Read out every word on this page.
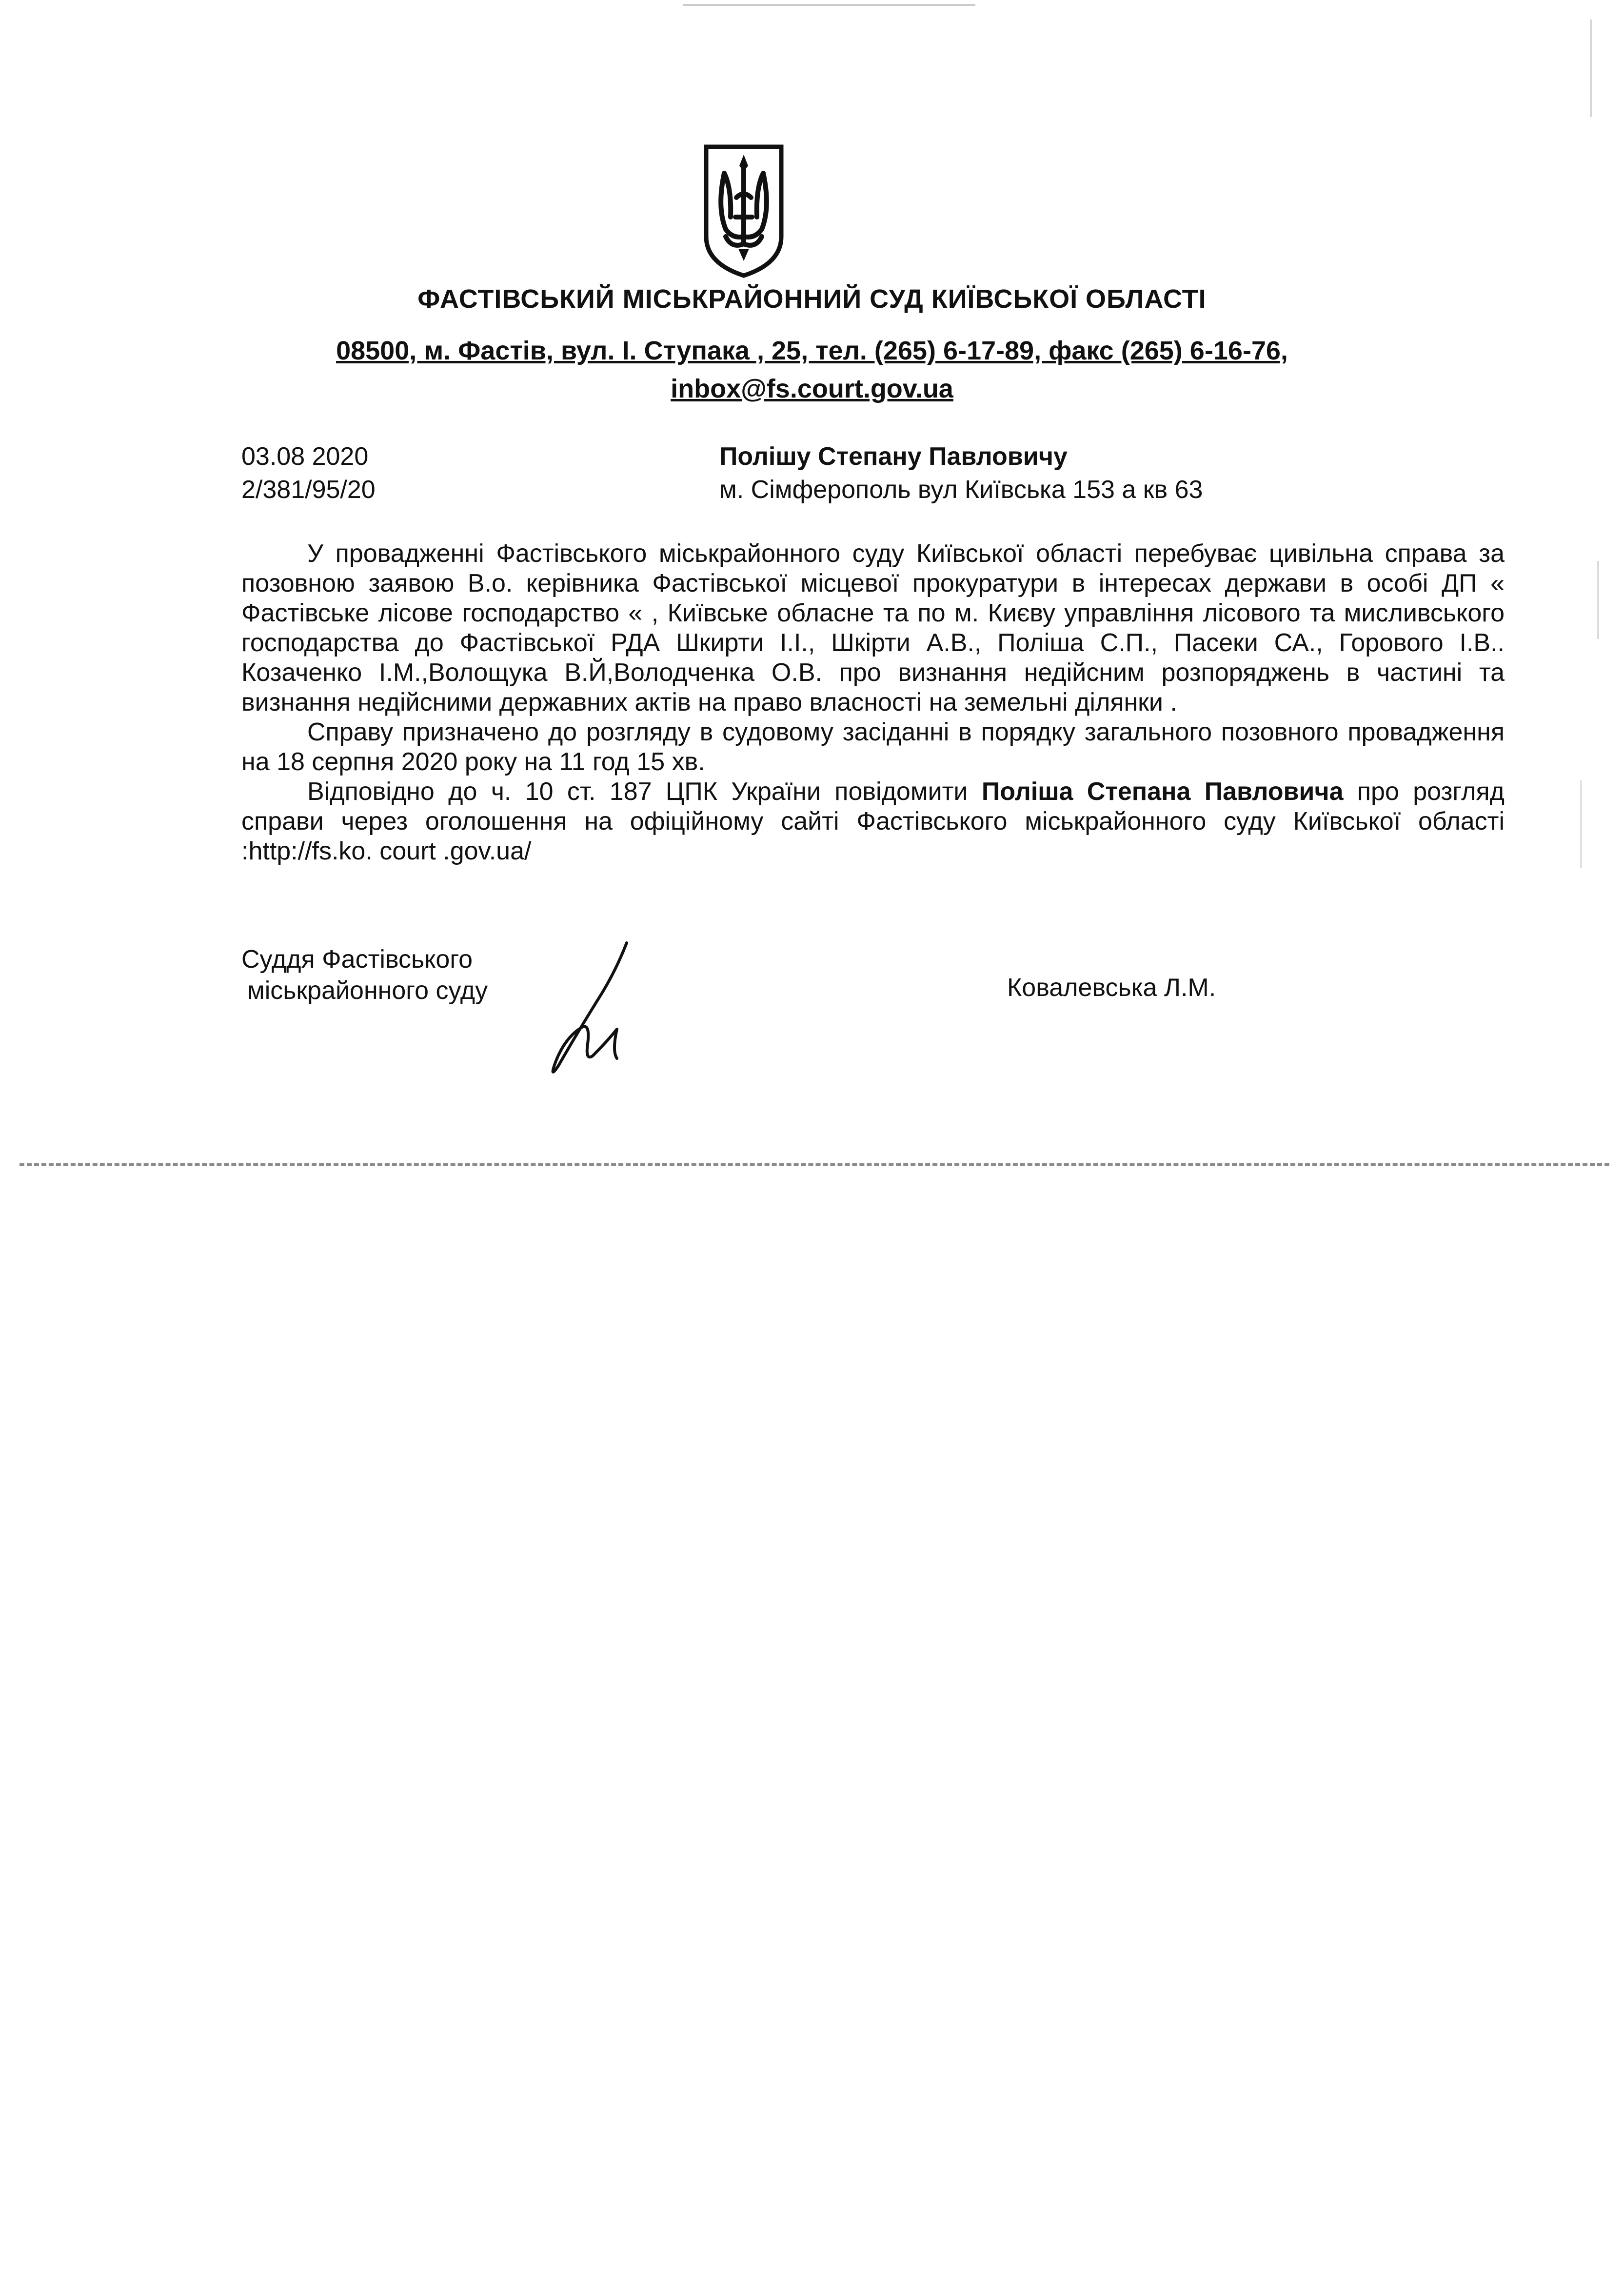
ФАСТІВСЬКИЙ МІСЬКРАЙОННИЙ СУД КИЇВСЬКОЇ ОБЛАСТІ
08500, м. Фастів, вул. І. Ступака , 25, тел. (265) 6-17-89, факс (265) 6-16-76,
inbox@fs.court.gov.ua
03.08 2020
2/381/95/20
Полішу Степану Павловичу
м. Сімферополь вул Київська 153 а кв 63

У провадженні Фастівського міськрайонного суду Київської області перебуває цивільна справа за позовною заявою В.о. керівника Фастівської місцевої прокуратури в інтересах держави в особі ДП « Фастівське лісове господарство « , Київське обласне та по м. Києву управління лісового та мисливського господарства до Фастівської РДА Шкирти І.І., Шкірти А.В., Поліша С.П., Пасеки СА., Горового І.В.. Козаченко І.М.,Волощука В.Й,Володченка О.В. про визнання недійсним розпоряджень в частині та визнання недійсними державних актів на право власності на земельні ділянки .

Справу призначено до розгляду в судовому засіданні в порядку загального позовного провадження на 18 серпня 2020 року на 11 год 15 хв.

Відповідно до ч. 10 ст. 187 ЦПК України повідомити Поліша Степана Павловича про розгляд справи через оголошення на офіційному сайті Фастівського міськрайонного суду Київської області :http://fs.ko. court .gov.ua/

Суддя Фастівського
міськрайонного суду	Ковалевська Л.М.
